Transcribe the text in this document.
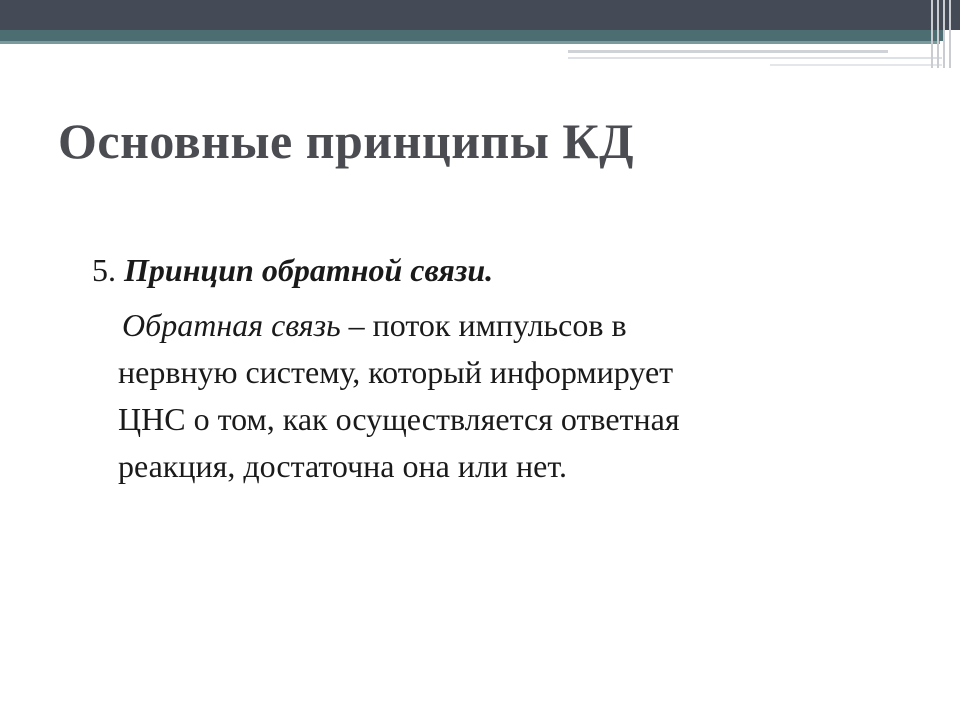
Основные принципы КД
5. Принцип обратной связи.
Обратная связь – поток импульсов в
нервную систему, который информирует
ЦНС о том, как осуществляется ответная
реакция, достаточна она или нет.
